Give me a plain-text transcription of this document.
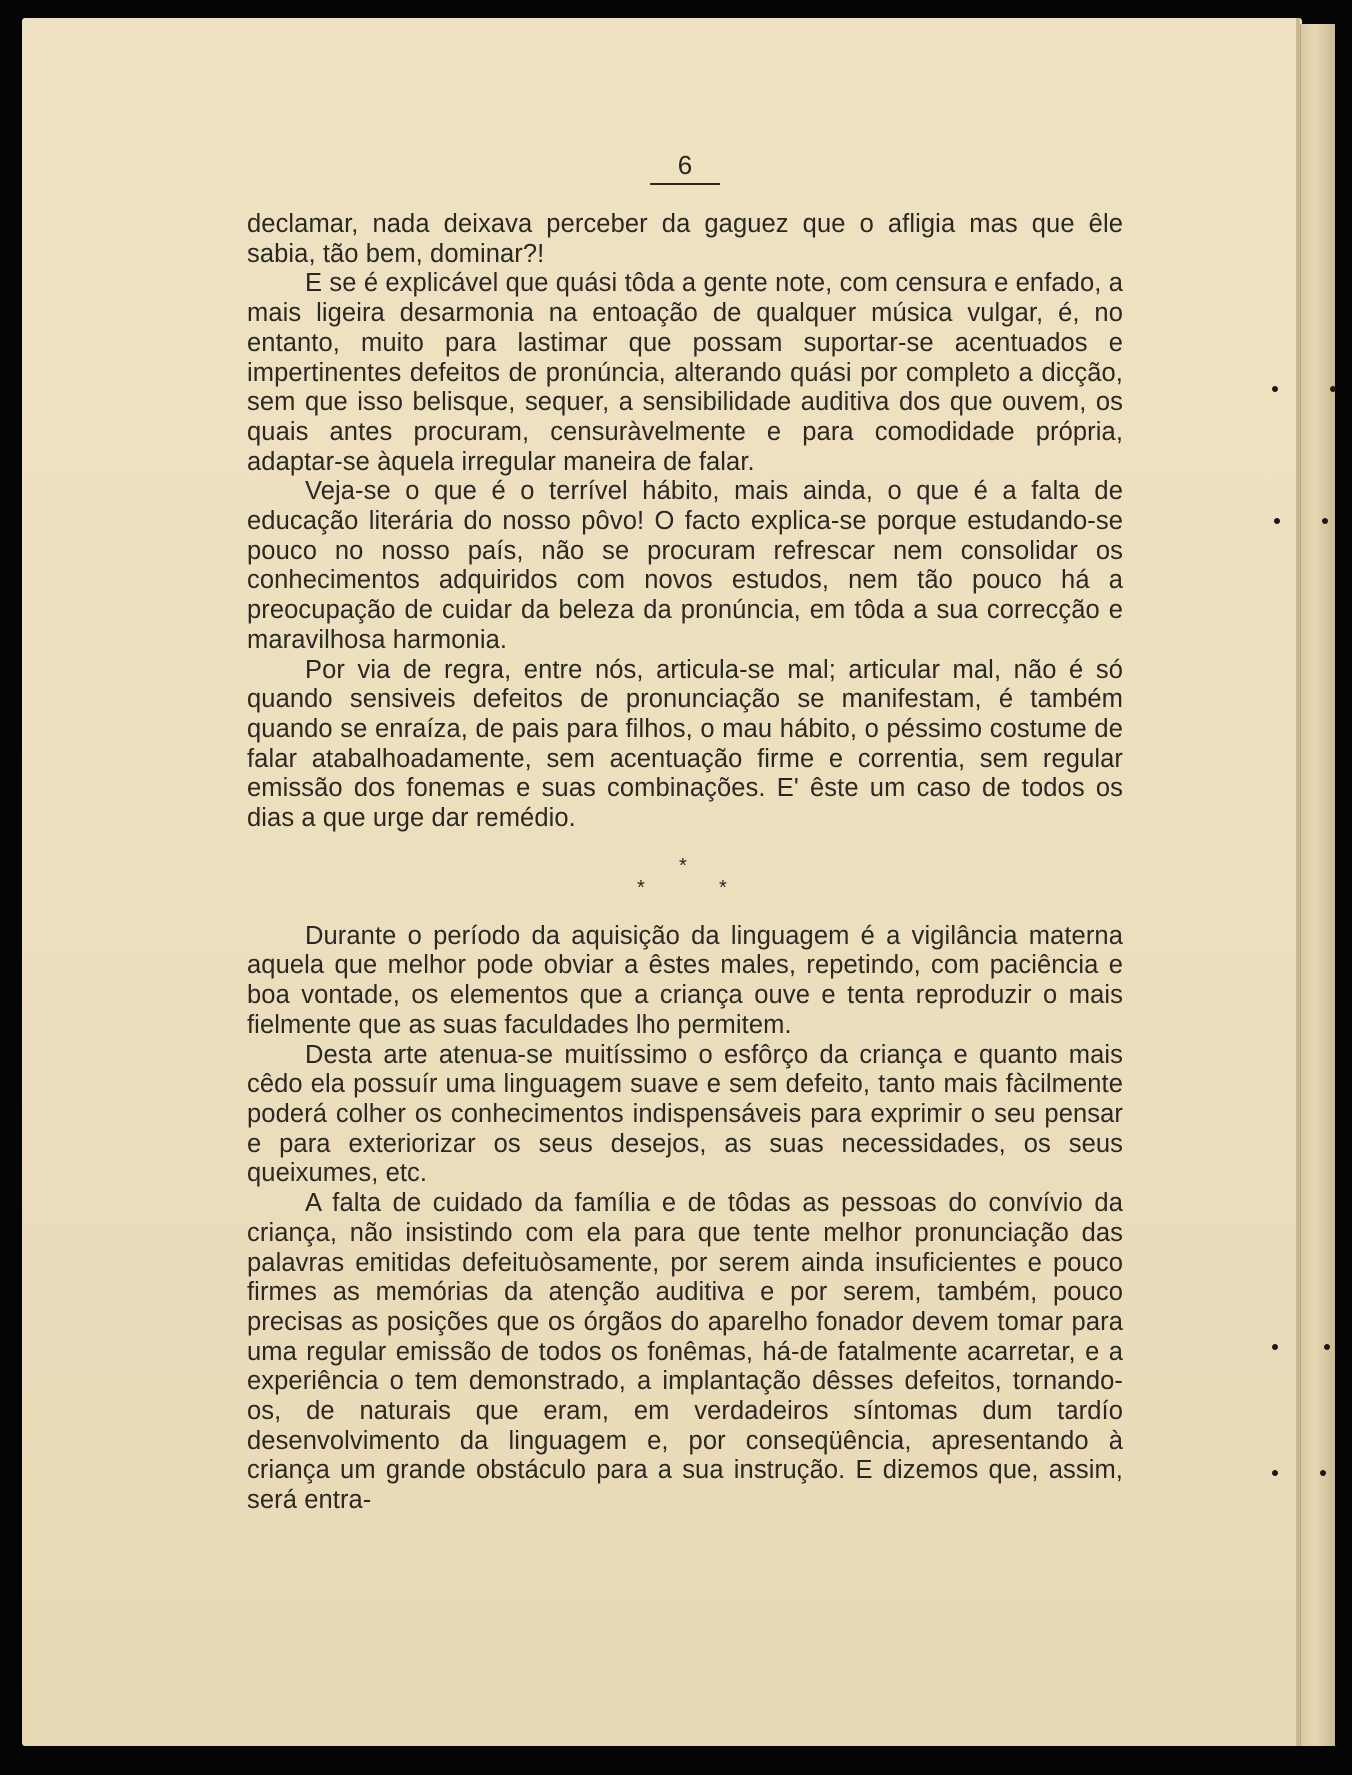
6

declamar, nada deixava perceber da gaguez que o afligia mas que êle sabia, tão bem, dominar?!

E se é explicável que quási tôda a gente note, com censura e enfado, a mais ligeira desarmonia na entoação de qualquer música vulgar, é, no entanto, muito para lastimar que possam suportar-se acentuados e impertinentes defeitos de pronúncia, alterando quási por completo a dicção, sem que isso belisque, sequer, a sensibilidade auditiva dos que ouvem, os quais antes procuram, censuràvelmente e para comodidade própria, adaptar-se àquela irregular maneira de falar.

Veja-se o que é o terrível hábito, mais ainda, o que é a falta de educação literária do nosso pôvo! O facto explica-se porque estudando-se pouco no nosso país, não se procuram refrescar nem consolidar os conhecimentos adquiridos com novos estudos, nem tão pouco há a preocupação de cuidar da beleza da pronúncia, em tôda a sua correcção e maravilhosa harmonia.

Por via de regra, entre nós, articula-se mal; articular mal, não é só quando sensiveis defeitos de pronunciação se manifestam, é também quando se enraíza, de pais para filhos, o mau hábito, o péssimo costume de falar atabalhoadamente, sem acentuação firme e correntia, sem regular emissão dos fonemas e suas combinações. E' êste um caso de todos os dias a que urge dar remédio.

*
*	*

Durante o período da aquisição da linguagem é a vigilância materna aquela que melhor pode obviar a êstes males, repetindo, com paciência e boa vontade, os elementos que a criança ouve e tenta reproduzir o mais fielmente que as suas faculdades lho permitem.

Desta arte atenua-se muitíssimo o esfôrço da criança e quanto mais cêdo ela possuír uma linguagem suave e sem defeito, tanto mais fàcilmente poderá colher os conhecimentos indispensáveis para exprimir o seu pensar e para exteriorizar os seus desejos, as suas necessidades, os seus queixumes, etc.

A falta de cuidado da família e de tôdas as pessoas do convívio da criança, não insistindo com ela para que tente melhor pronunciação das palavras emitidas defeituòsamente, por serem ainda insuficientes e pouco firmes as memórias da atenção auditiva e por serem, também, pouco precisas as posições que os órgãos do aparelho fonador devem tomar para uma regular emissão de todos os fonêmas, há-de fatalmente acarretar, e a experiência o tem demonstrado, a implantação dêsses defeitos, tornando-os, de naturais que eram, em verdadeiros síntomas dum tardío desenvolvimento da linguagem e, por conseqüência, apresentando à criança um grande obstáculo para a sua instrução. E dizemos que, assim, será entra-
